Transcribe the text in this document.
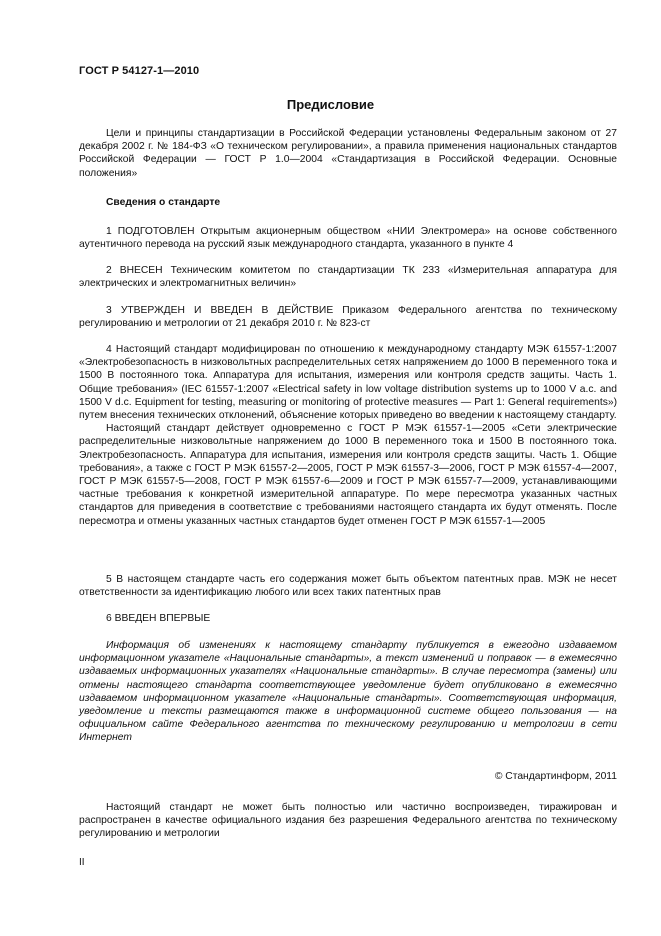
ГОСТ Р 54127-1—2010
Предисловие
Цели и принципы стандартизации в Российской Федерации установлены Федеральным законом от 27 декабря 2002 г. № 184-ФЗ «О техническом регулировании», а правила применения национальных стандартов Российской Федерации — ГОСТ Р 1.0—2004 «Стандартизация в Российской Федерации. Основные положения»
Сведения о стандарте
1 ПОДГОТОВЛЕН Открытым акционерным обществом «НИИ Электромера» на основе собственного аутентичного перевода на русский язык международного стандарта, указанного в пункте 4
2 ВНЕСЕН Техническим комитетом по стандартизации ТК 233 «Измерительная аппаратура для электрических и электромагнитных величин»
3 УТВЕРЖДЕН И ВВЕДЕН В ДЕЙСТВИЕ Приказом Федерального агентства по техническому регулированию и метрологии от 21 декабря 2010 г. № 823-ст

4 Настоящий стандарт модифицирован по отношению к международному стандарту МЭК 61557-1:2007 «Электробезопасность в низковольтных распределительных сетях напряжением до 1000 В переменного тока и 1500 В постоянного тока. Аппаратура для испытания, измерения или контроля средств защиты. Часть 1. Общие требования» (IEC 61557-1:2007 «Electrical safety in low voltage distribution systems up to 1000 V a.c. and 1500 V d.c. Equipment for testing, measuring or monitoring of protective measures — Part 1: General requirements») путем внесения технических отклонений, объяснение которых приведено во введении к настоящему стандарту.

Настоящий стандарт действует одновременно с ГОСТ Р МЭК 61557-1—2005 «Сети электрические распределительные низковольтные напряжением до 1000 В переменного тока и 1500 В постоянного тока. Электробезопасность. Аппаратура для испытания, измерения или контроля средств защиты. Часть 1. Общие требования», а также с ГОСТ Р МЭК 61557-2—2005, ГОСТ Р МЭК 61557-3—2006, ГОСТ Р МЭК 61557-4—2007, ГОСТ Р МЭК 61557-5—2008, ГОСТ Р МЭК 61557-6—2009 и ГОСТ Р МЭК 61557-7—2009, устанавливающими частные требования к конкретной измерительной аппаратуре. По мере пересмотра указанных частных стандартов для приведения в соответствие с требованиями настоящего стандарта их будут отменять. После пересмотра и отмены указанных частных стандартов будет отменен ГОСТ Р МЭК 61557-1—2005

5 В настоящем стандарте часть его содержания может быть объектом патентных прав. МЭК не несет ответственности за идентификацию любого или всех таких патентных прав
6 ВВЕДЕН ВПЕРВЫЕ
Информация об изменениях к настоящему стандарту публикуется в ежегодно издаваемом информационном указателе «Национальные стандарты», а текст изменений и поправок — в ежемесячно издаваемых информационных указателях «Национальные стандарты». В случае пересмотра (замены) или отмены настоящего стандарта соответствующее уведомление будет опубликовано в ежемесячно издаваемом информационном указателе «Национальные стандарты». Соответствующая информация, уведомление и тексты размещаются также в информационной системе общего пользования — на официальном сайте Федерального агентства по техническому регулированию и метрологии в сети Интернет
© Стандартинформ, 2011
Настоящий стандарт не может быть полностью или частично воспроизведен, тиражирован и распространен в качестве официального издания без разрешения Федерального агентства по техническому регулированию и метрологии
II
